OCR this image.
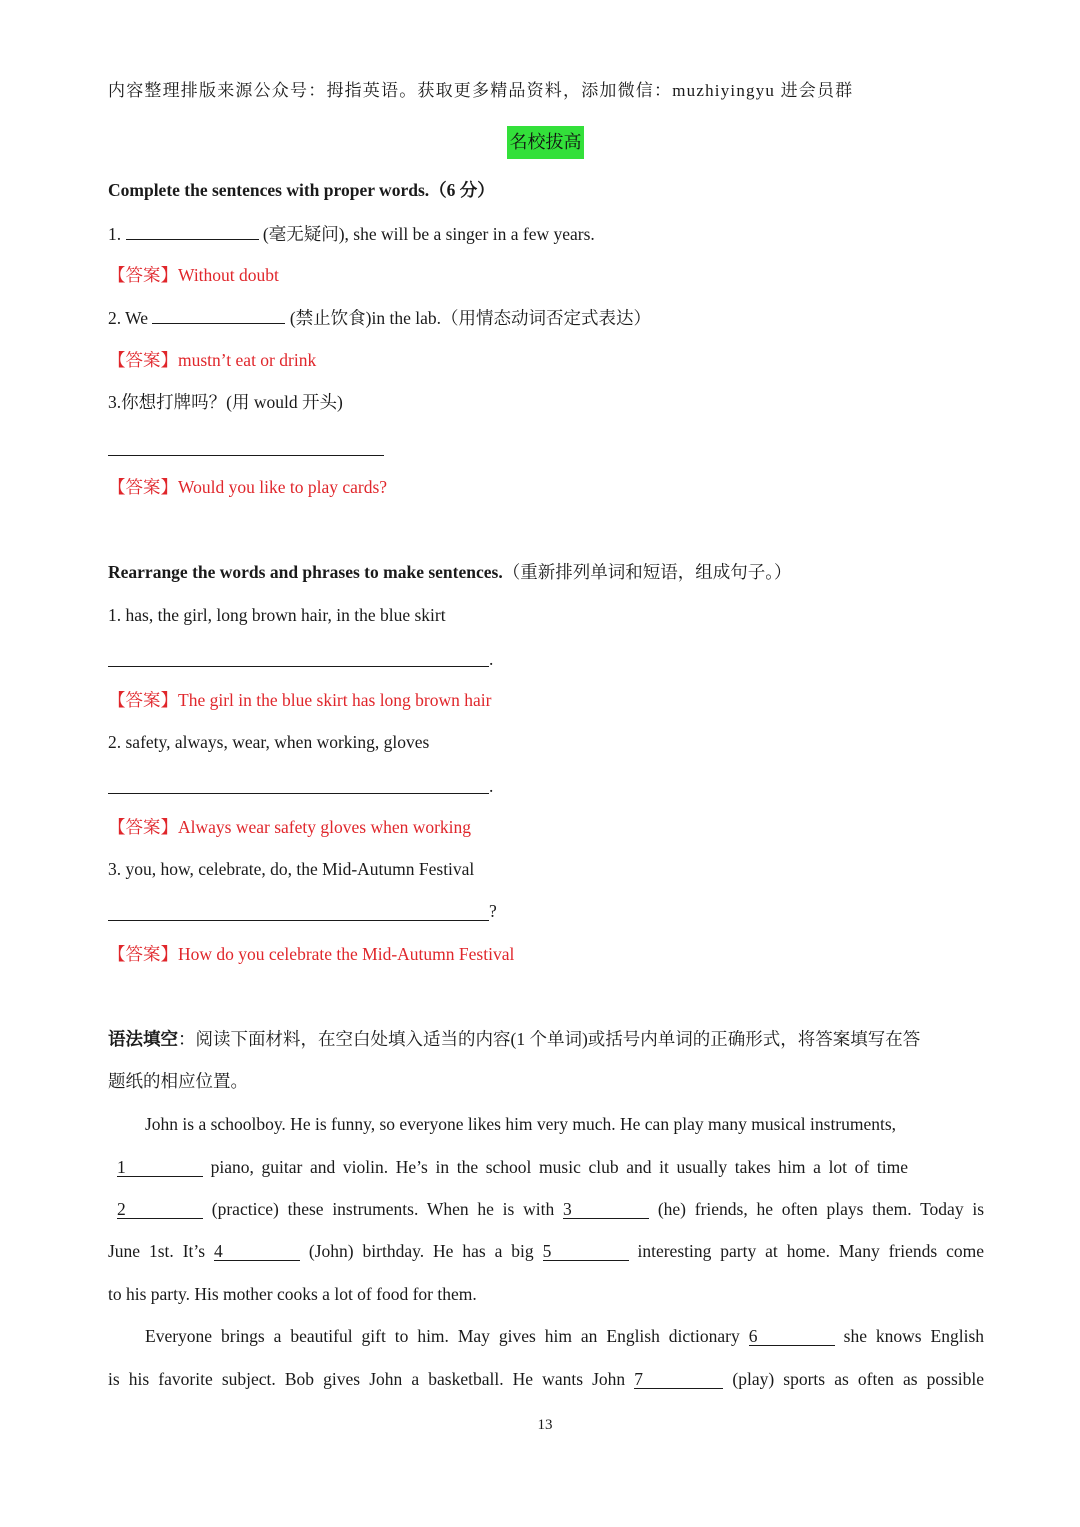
内容整理排版来源公众号：拇指英语。获取更多精品资料，添加微信：muzhiyingyu 进会员群
名校拔高
Complete the sentences with proper words.（6 分）
1.	(毫无疑问), she will be a singer in a few years.
【答案】Without doubt
2. We	(禁止饮食)in the lab.（用情态动词否定式表达）
【答案】mustn’t eat or drink
3.你想打牌吗？(用 would 开头)
【答案】Would you like to play cards?
Rearrange the words and phrases to make sentences.（重新排列单词和短语，组成句子。）
1. has, the girl, long brown hair, in the blue skirt
.
【答案】The girl in the blue skirt has long brown hair
2. safety, always, wear, when working, gloves
.
【答案】Always wear safety gloves when working
3. you, how, celebrate, do, the Mid-Autumn Festival
?
【答案】How do you celebrate the Mid-Autumn Festival
语法填空：阅读下面材料，在空白处填入适当的内容(1 个单词)或括号内单词的正确形式，将答案填写在答
题纸的相应位置。
John is a schoolboy. He is funny, so everyone likes him very much. He can play many musical instruments,
1	piano, guitar and violin. He’s in the school music club and it usually takes him a lot of time
2	(practice) these instruments. When he is with 3	(he) friends, he often plays them. Today is
June 1st. It’s 4	(John) birthday. He has a big 5	interesting party at home. Many friends come
to his party. His mother cooks a lot of food for them.
Everyone brings a beautiful gift to him. May gives him an English dictionary 6	she knows English
is his favorite subject. Bob gives John a basketball. He wants John 7	(play) sports as often as possible
13
